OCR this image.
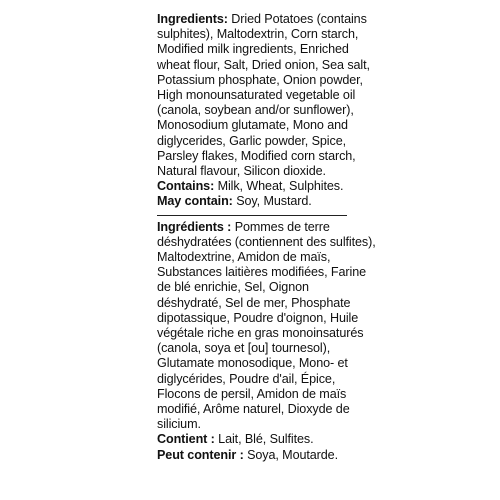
Ingredients: Dried Potatoes (contains sulphites), Maltodextrin, Corn starch, Modified milk ingredients, Enriched wheat flour, Salt, Dried onion, Sea salt, Potassium phosphate, Onion powder, High monounsaturated vegetable oil (canola, soybean and/or sunflower), Monosodium glutamate, Mono and diglycerides, Garlic powder, Spice, Parsley flakes, Modified corn starch, Natural flavour, Silicon dioxide.

Contains: Milk, Wheat, Sulphites.

May contain: Soy, Mustard.

Ingrédients : Pommes de terre déshydratées (contiennent des sulfites), Maltodextrine, Amidon de maïs, Substances laitières modifiées, Farine de blé enrichie, Sel, Oignon déshydraté, Sel de mer, Phosphate dipotassique, Poudre d'oignon, Huile végétale riche en gras monoinsaturés (canola, soya et [ou] tournesol), Glutamate monosodique, Mono- et diglycérides, Poudre d'ail, Épice, Flocons de persil, Amidon de maïs modifié, Arôme naturel, Dioxyde de silicium.

Contient : Lait, Blé, Sulfites.

Peut contenir : Soya, Moutarde.
